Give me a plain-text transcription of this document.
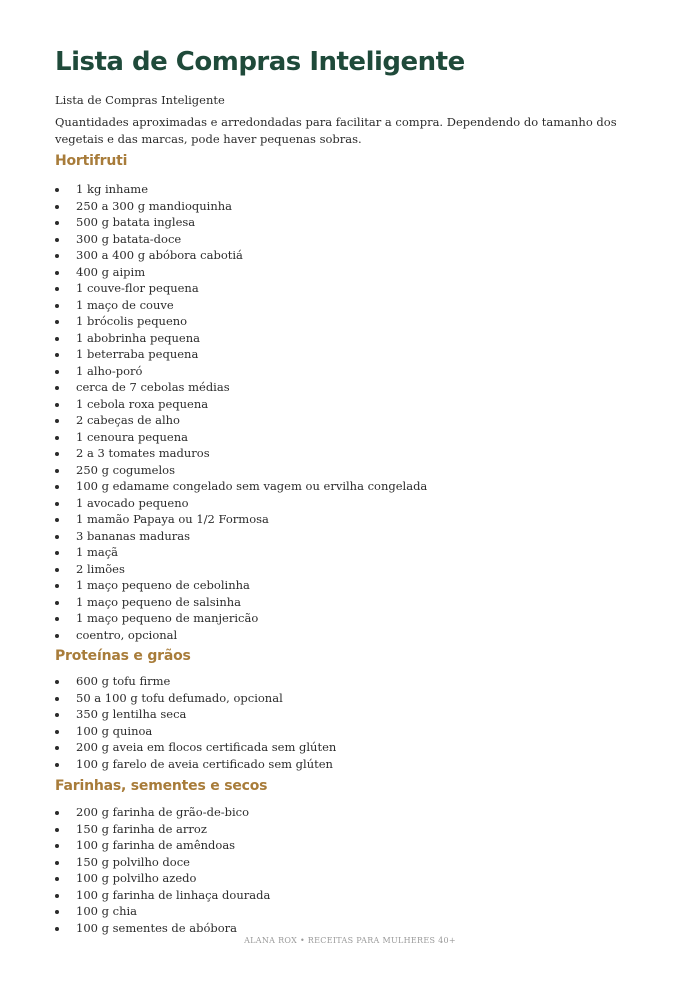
Lista de Compras Inteligente
Lista de Compras Inteligente
Quantidades aproximadas e arredondadas para facilitar a compra. Dependendo do tamanho dos vegetais e das marcas, pode haver pequenas sobras.
Hortifruti
1 kg inhame
250 a 300 g mandioquinha
500 g batata inglesa
300 g batata-doce
300 a 400 g abóbora cabotiá
400 g aipim
1 couve-flor pequena
1 maço de couve
1 brócolis pequeno
1 abobrinha pequena
1 beterraba pequena
1 alho-poró
cerca de 7 cebolas médias
1 cebola roxa pequena
2 cabeças de alho
1 cenoura pequena
2 a 3 tomates maduros
250 g cogumelos
100 g edamame congelado sem vagem ou ervilha congelada
1 avocado pequeno
1 mamão Papaya ou 1/2 Formosa
3 bananas maduras
1 maçã
2 limões
1 maço pequeno de cebolinha
1 maço pequeno de salsinha
1 maço pequeno de manjericão
coentro, opcional
Proteínas e grãos
600 g tofu firme
50 a 100 g tofu defumado, opcional
350 g lentilha seca
100 g quinoa
200 g aveia em flocos certificada sem glúten
100 g farelo de aveia certificado sem glúten
Farinhas, sementes e secos
200 g farinha de grão-de-bico
150 g farinha de arroz
100 g farinha de amêndoas
150 g polvilho doce
100 g polvilho azedo
100 g farinha de linhaça dourada
100 g chia
100 g sementes de abóbora
ALANA ROX • RECEITAS PARA MULHERES 40+
